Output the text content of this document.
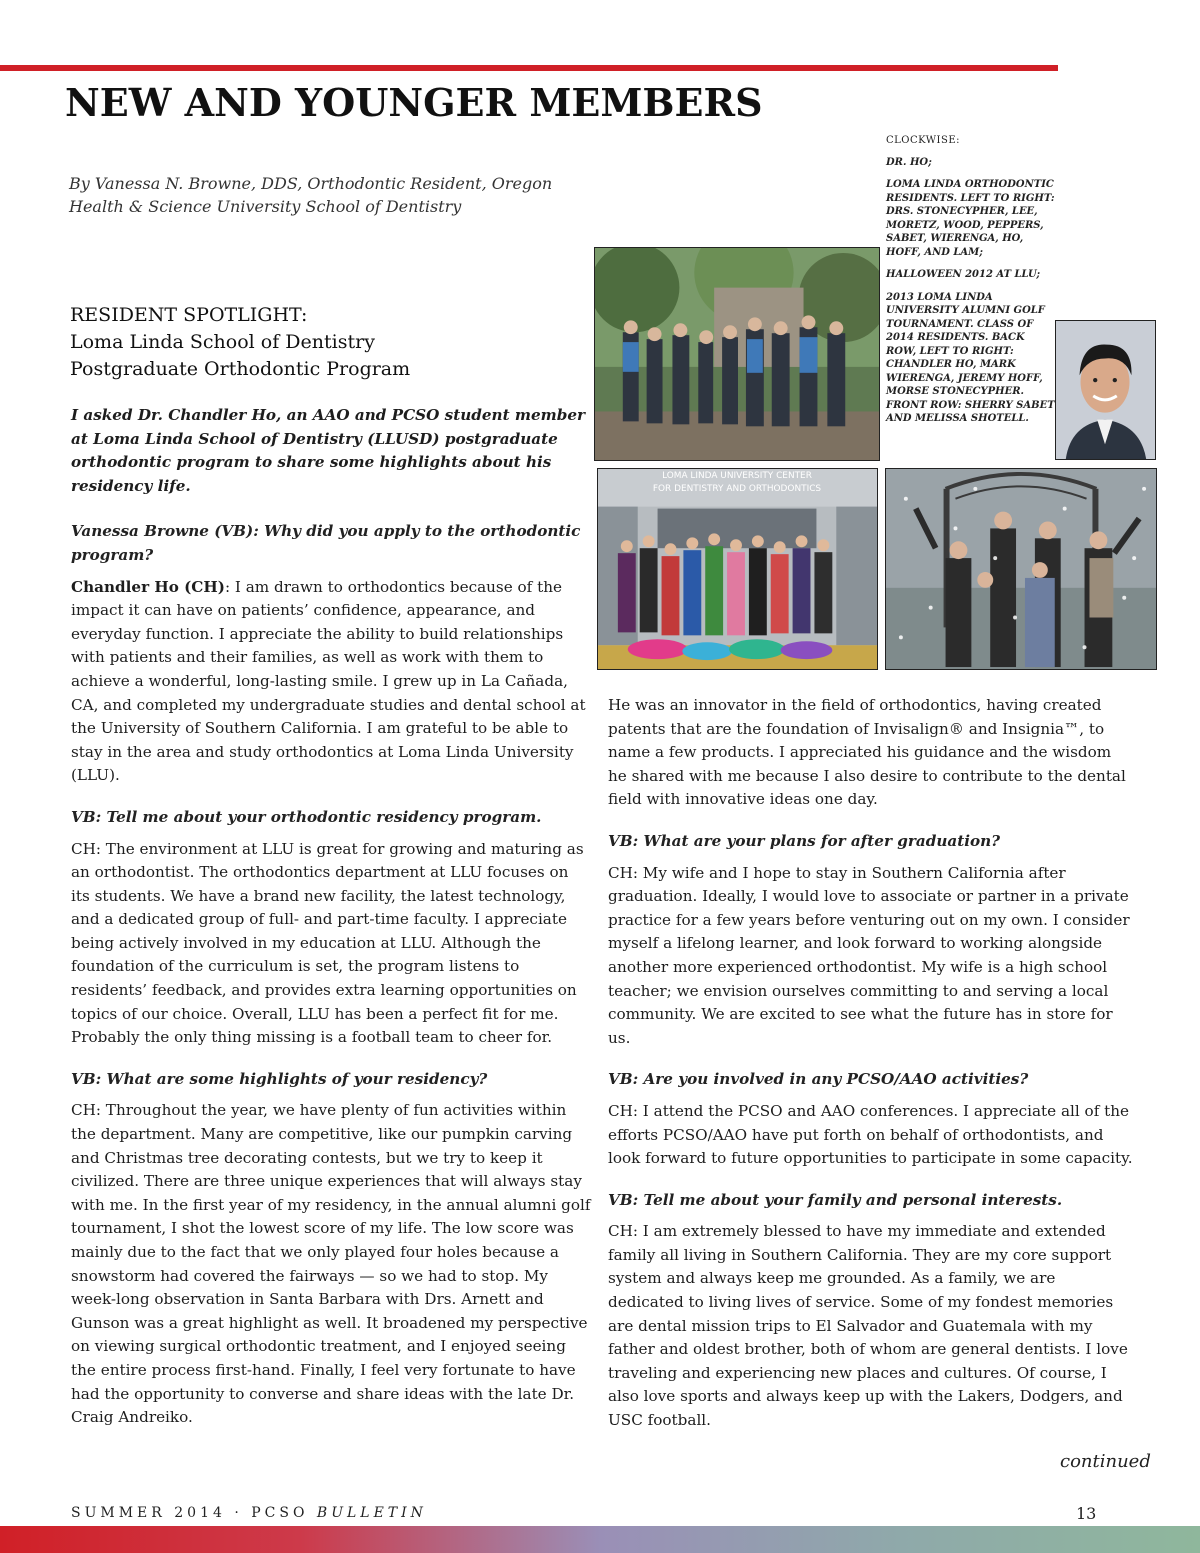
NEW AND YOUNGER MEMBERS
By Vanessa N. Browne, DDS, Orthodontic Resident, Oregon Health & Science University School of Dentistry
RESIDENT SPOTLIGHT:
Loma Linda School of Dentistry
Postgraduate Orthodontic Program
CLOCKWISE:

DR. HO;

LOMA LINDA ORTHODONTIC RESIDENTS. LEFT TO RIGHT: DRS. STONECYPHER, LEE, MORETZ, WOOD, PEPPERS, SABET, WIERENGA, HO, HOFF, AND LAM;

HALLOWEEN 2012 AT LLU;

2013 LOMA LINDA UNIVERSITY ALUMNI GOLF TOURNAMENT. CLASS OF 2014 RESIDENTS. BACK ROW, LEFT TO RIGHT: CHANDLER HO, MARK WIERENGA, JEREMY HOFF, MORSE STONECYPHER. FRONT ROW: SHERRY SABET AND MELISSA SHOTELL.

LOMA LINDA UNIVERSITY CENTER
FOR DENTISTRY AND ORTHODONTICS

I asked Dr. Chandler Ho, an AAO and PCSO student member at Loma Linda School of Dentistry (LLUSD) postgraduate orthodontic program to share some highlights about his residency life.

Vanessa Browne (VB): Why did you apply to the orthodontic program?

Chandler Ho (CH): I am drawn to orthodontics because of the impact it can have on patients’ confidence, appearance, and everyday function. I appreciate the ability to build relationships with patients and their families, as well as work with them to achieve a wonderful, long-lasting smile. I grew up in La Cañada, CA, and completed my undergraduate studies and dental school at the University of Southern California. I am grateful to be able to stay in the area and study orthodontics at Loma Linda University (LLU).

VB: Tell me about your orthodontic residency program.

CH: The environment at LLU is great for growing and maturing as an orthodontist. The orthodontics department at LLU focuses on its students. We have a brand new facility, the latest technology, and a dedicated group of full- and part-time faculty. I appreciate being actively involved in my education at LLU. Although the foundation of the curriculum is set, the program listens to residents’ feedback, and provides extra learning opportunities on topics of our choice. Overall, LLU has been a perfect fit for me. Probably the only thing missing is a football team to cheer for.

VB: What are some highlights of your residency?

CH: Throughout the year, we have plenty of fun activities within the department. Many are competitive, like our pumpkin carving and Christmas tree decorating contests, but we try to keep it civilized. There are three unique experiences that will always stay with me. In the first year of my residency, in the annual alumni golf tournament, I shot the lowest score of my life. The low score was mainly due to the fact that we only played four holes because a snowstorm had covered the fairways — so we had to stop. My week-long observation in Santa Barbara with Drs. Arnett and Gunson was a great highlight as well. It broadened my perspective on viewing surgical orthodontic treatment, and I enjoyed seeing the entire process first-hand. Finally, I feel very fortunate to have had the opportunity to converse and share ideas with the late Dr. Craig Andreiko.

He was an innovator in the field of orthodontics, having created patents that are the foundation of Invisalign® and Insignia™, to name a few products. I appreciated his guidance and the wisdom he shared with me because I also desire to contribute to the dental field with innovative ideas one day.

VB: What are your plans for after graduation?

CH: My wife and I hope to stay in Southern California after graduation. Ideally, I would love to associate or partner in a private practice for a few years before venturing out on my own. I consider myself a lifelong learner, and look forward to working alongside another more experienced orthodontist. My wife is a high school teacher; we envision ourselves committing to and serving a local community. We are excited to see what the future has in store for us.

VB: Are you involved in any PCSO/AAO activities?

CH: I attend the PCSO and AAO conferences. I appreciate all of the efforts PCSO/AAO have put forth on behalf of orthodontists, and look forward to future opportunities to participate in some capacity.

VB: Tell me about your family and personal interests.

CH: I am extremely blessed to have my immediate and extended family all living in Southern California. They are my core support system and always keep me grounded. As a family, we are dedicated to living lives of service. Some of my fondest memories are dental mission trips to El Salvador and Guatemala with my father and oldest brother, both of whom are general dentists. I love traveling and experiencing new places and cultures. Of course, I also love sports and always keep up with the Lakers, Dodgers, and USC football.

continued
SUMMER 2014 · PCSO BULLETIN	13
